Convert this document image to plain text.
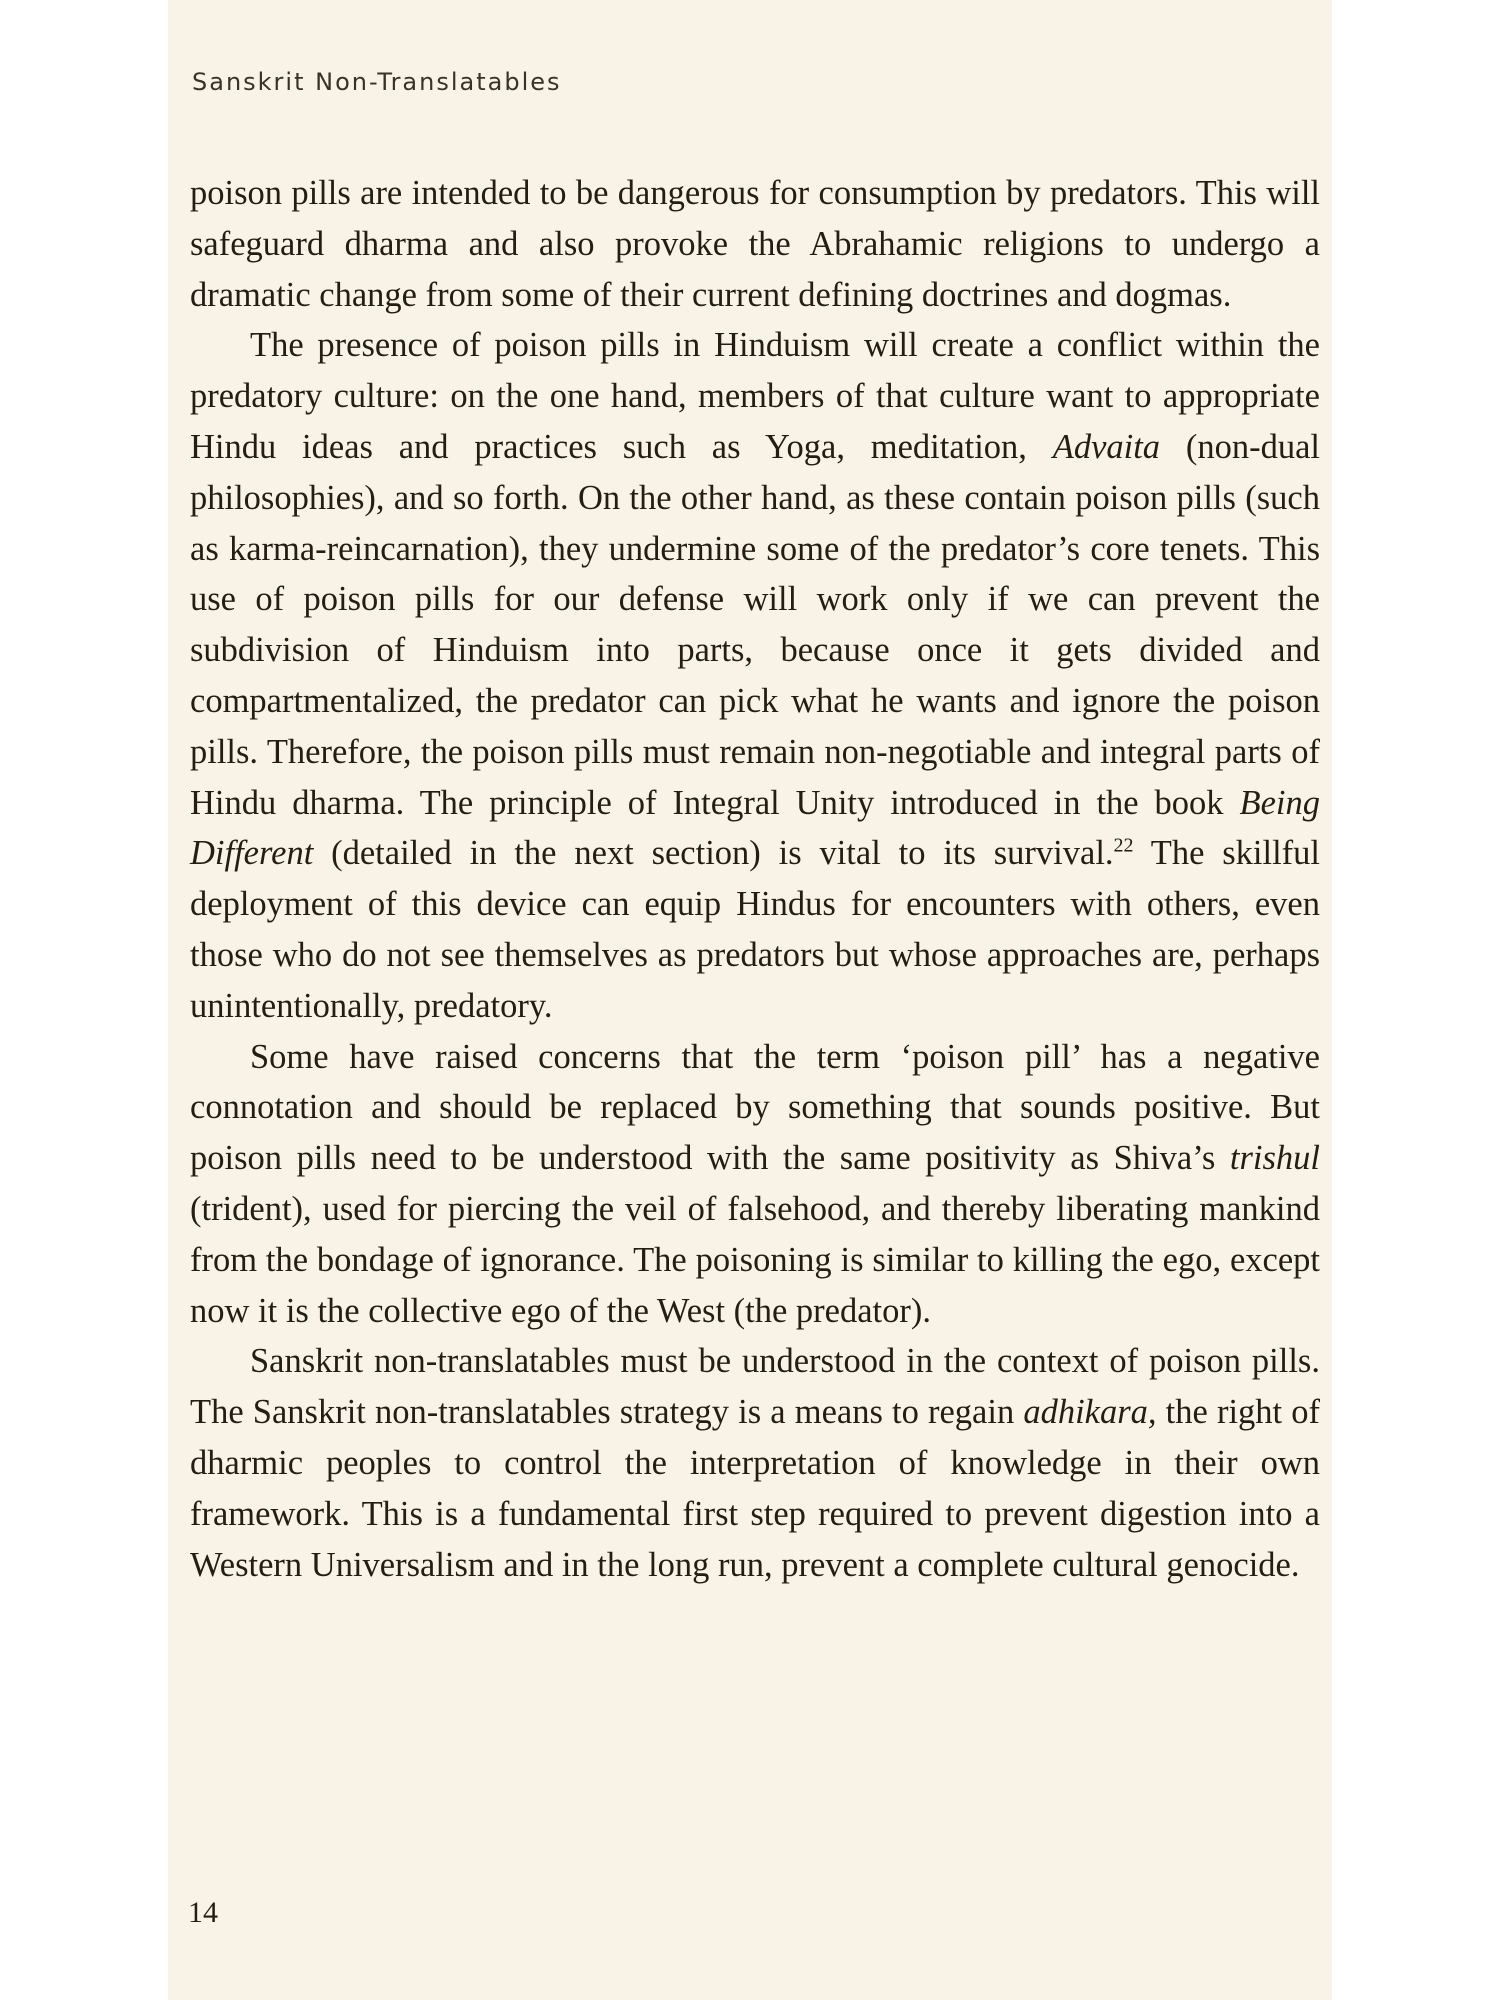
Sanskrit Non-Translatables

poison pills are intended to be dangerous for consumption by predators. This will safeguard dharma and also provoke the Abrahamic religions to undergo a dramatic change from some of their current defining doctrines and dogmas.

The presence of poison pills in Hinduism will create a conflict within the predatory culture: on the one hand, members of that culture want to appropriate Hindu ideas and practices such as Yoga, meditation, Advaita (non-dual philosophies), and so forth. On the other hand, as these contain poison pills (such as karma-reincarnation), they undermine some of the predator’s core tenets. This use of poison pills for our defense will work only if we can prevent the subdivision of Hinduism into parts, because once it gets divided and compartmentalized, the predator can pick what he wants and ignore the poison pills. Therefore, the poison pills must remain non-negotiable and integral parts of Hindu dharma. The principle of Integral Unity introduced in the book Being Different (detailed in the next section) is vital to its survival.$^{22}$ The skillful deployment of this device can equip Hindus for encounters with others, even those who do not see themselves as predators but whose approaches are, perhaps unintentionally, predatory.

Some have raised concerns that the term ‘poison pill’ has a negative connotation and should be replaced by something that sounds positive. But poison pills need to be understood with the same positivity as Shiva’s trishul (trident), used for piercing the veil of falsehood, and thereby liberating mankind from the bondage of ignorance. The poisoning is similar to killing the ego, except now it is the collective ego of the West (the predator).

Sanskrit non-translatables must be understood in the context of poison pills. The Sanskrit non-translatables strategy is a means to regain adhikara, the right of dharmic peoples to control the interpretation of knowledge in their own framework. This is a fundamental first step required to prevent digestion into a Western Universalism and in the long run, prevent a complete cultural genocide.

14
